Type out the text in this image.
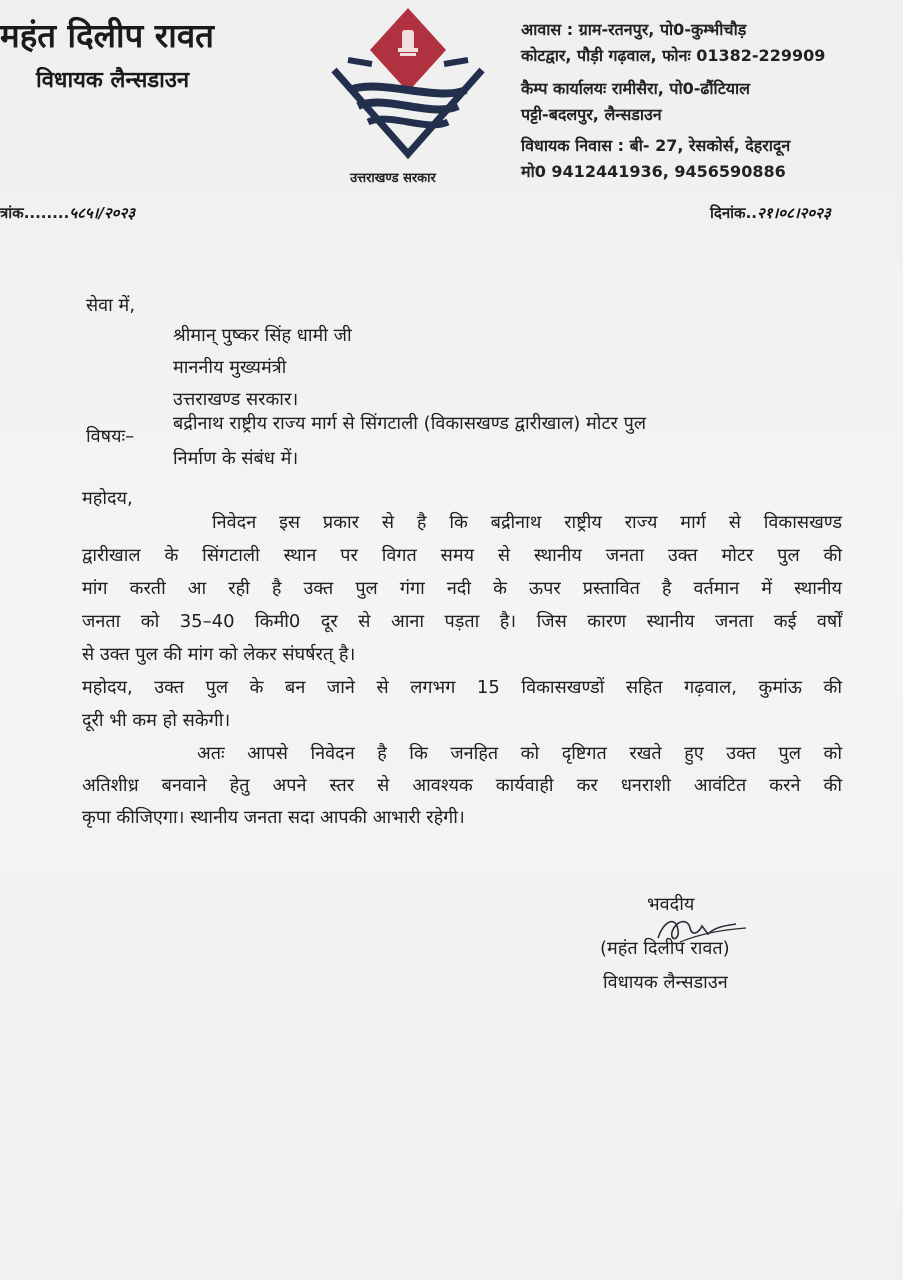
महंत दिलीप रावत
विधायक लैन्सडाउन
उत्तराखण्ड सरकार
आवास : ग्राम-रतनपुर, पो0-कुम्भीचौड़
कोटद्वार, पौड़ी गढ़वाल, फोनः 01382-229909
कैम्प कार्यालयः रामीसैरा, पो0-ढौंटियाल
पट्टी-बदलपुर, लैन्सडाउन
विधायक निवास : बी- 27, रेसकोर्स, देहरादून
मो0 9412441936, 9456590886
त्रांक........५८५।/२०२३	दिनांक..२१।०८।२०२३
सेवा में,
श्रीमान् पुष्कर सिंह धामी जी
माननीय मुख्यमंत्री
उत्तराखण्ड सरकार।
विषयः–
बद्रीनाथ राष्ट्रीय राज्य मार्ग से सिंगटाली (विकासखण्ड द्वारीखाल) मोटर पुल
निर्माण के संबंध में।
महोदय,
निवेदन इस प्रकार से है कि बद्रीनाथ राष्ट्रीय राज्य मार्ग से विकासखण्ड
द्वारीखाल के सिंगटाली स्थान पर विगत समय से स्थानीय जनता उक्त मोटर पुल की
मांग करती आ रही है उक्त पुल गंगा नदी के ऊपर प्रस्तावित है वर्तमान में स्थानीय
जनता को 35–40 किमी0 दूर से आना पड़ता है। जिस कारण स्थानीय जनता कई वर्षों
से उक्त पुल की मांग को लेकर संघर्षरत् है।
महोदय, उक्त पुल के बन जाने से लगभग 15 विकासखण्डों सहित गढ़वाल, कुमांऊ की
दूरी भी कम हो सकेगी।
अतः आपसे निवेदन है कि जनहित को दृष्टिगत रखते हुए उक्त पुल को
अतिशीध्र बनवाने हेतु अपने स्तर से आवश्यक कार्यवाही कर धनराशी आवंटित करने की
कृपा कीजिएगा। स्थानीय जनता सदा आपकी आभारी रहेगी।
भवदीय
(महंत दिलीप रावत)
विधायक लैन्सडाउन
